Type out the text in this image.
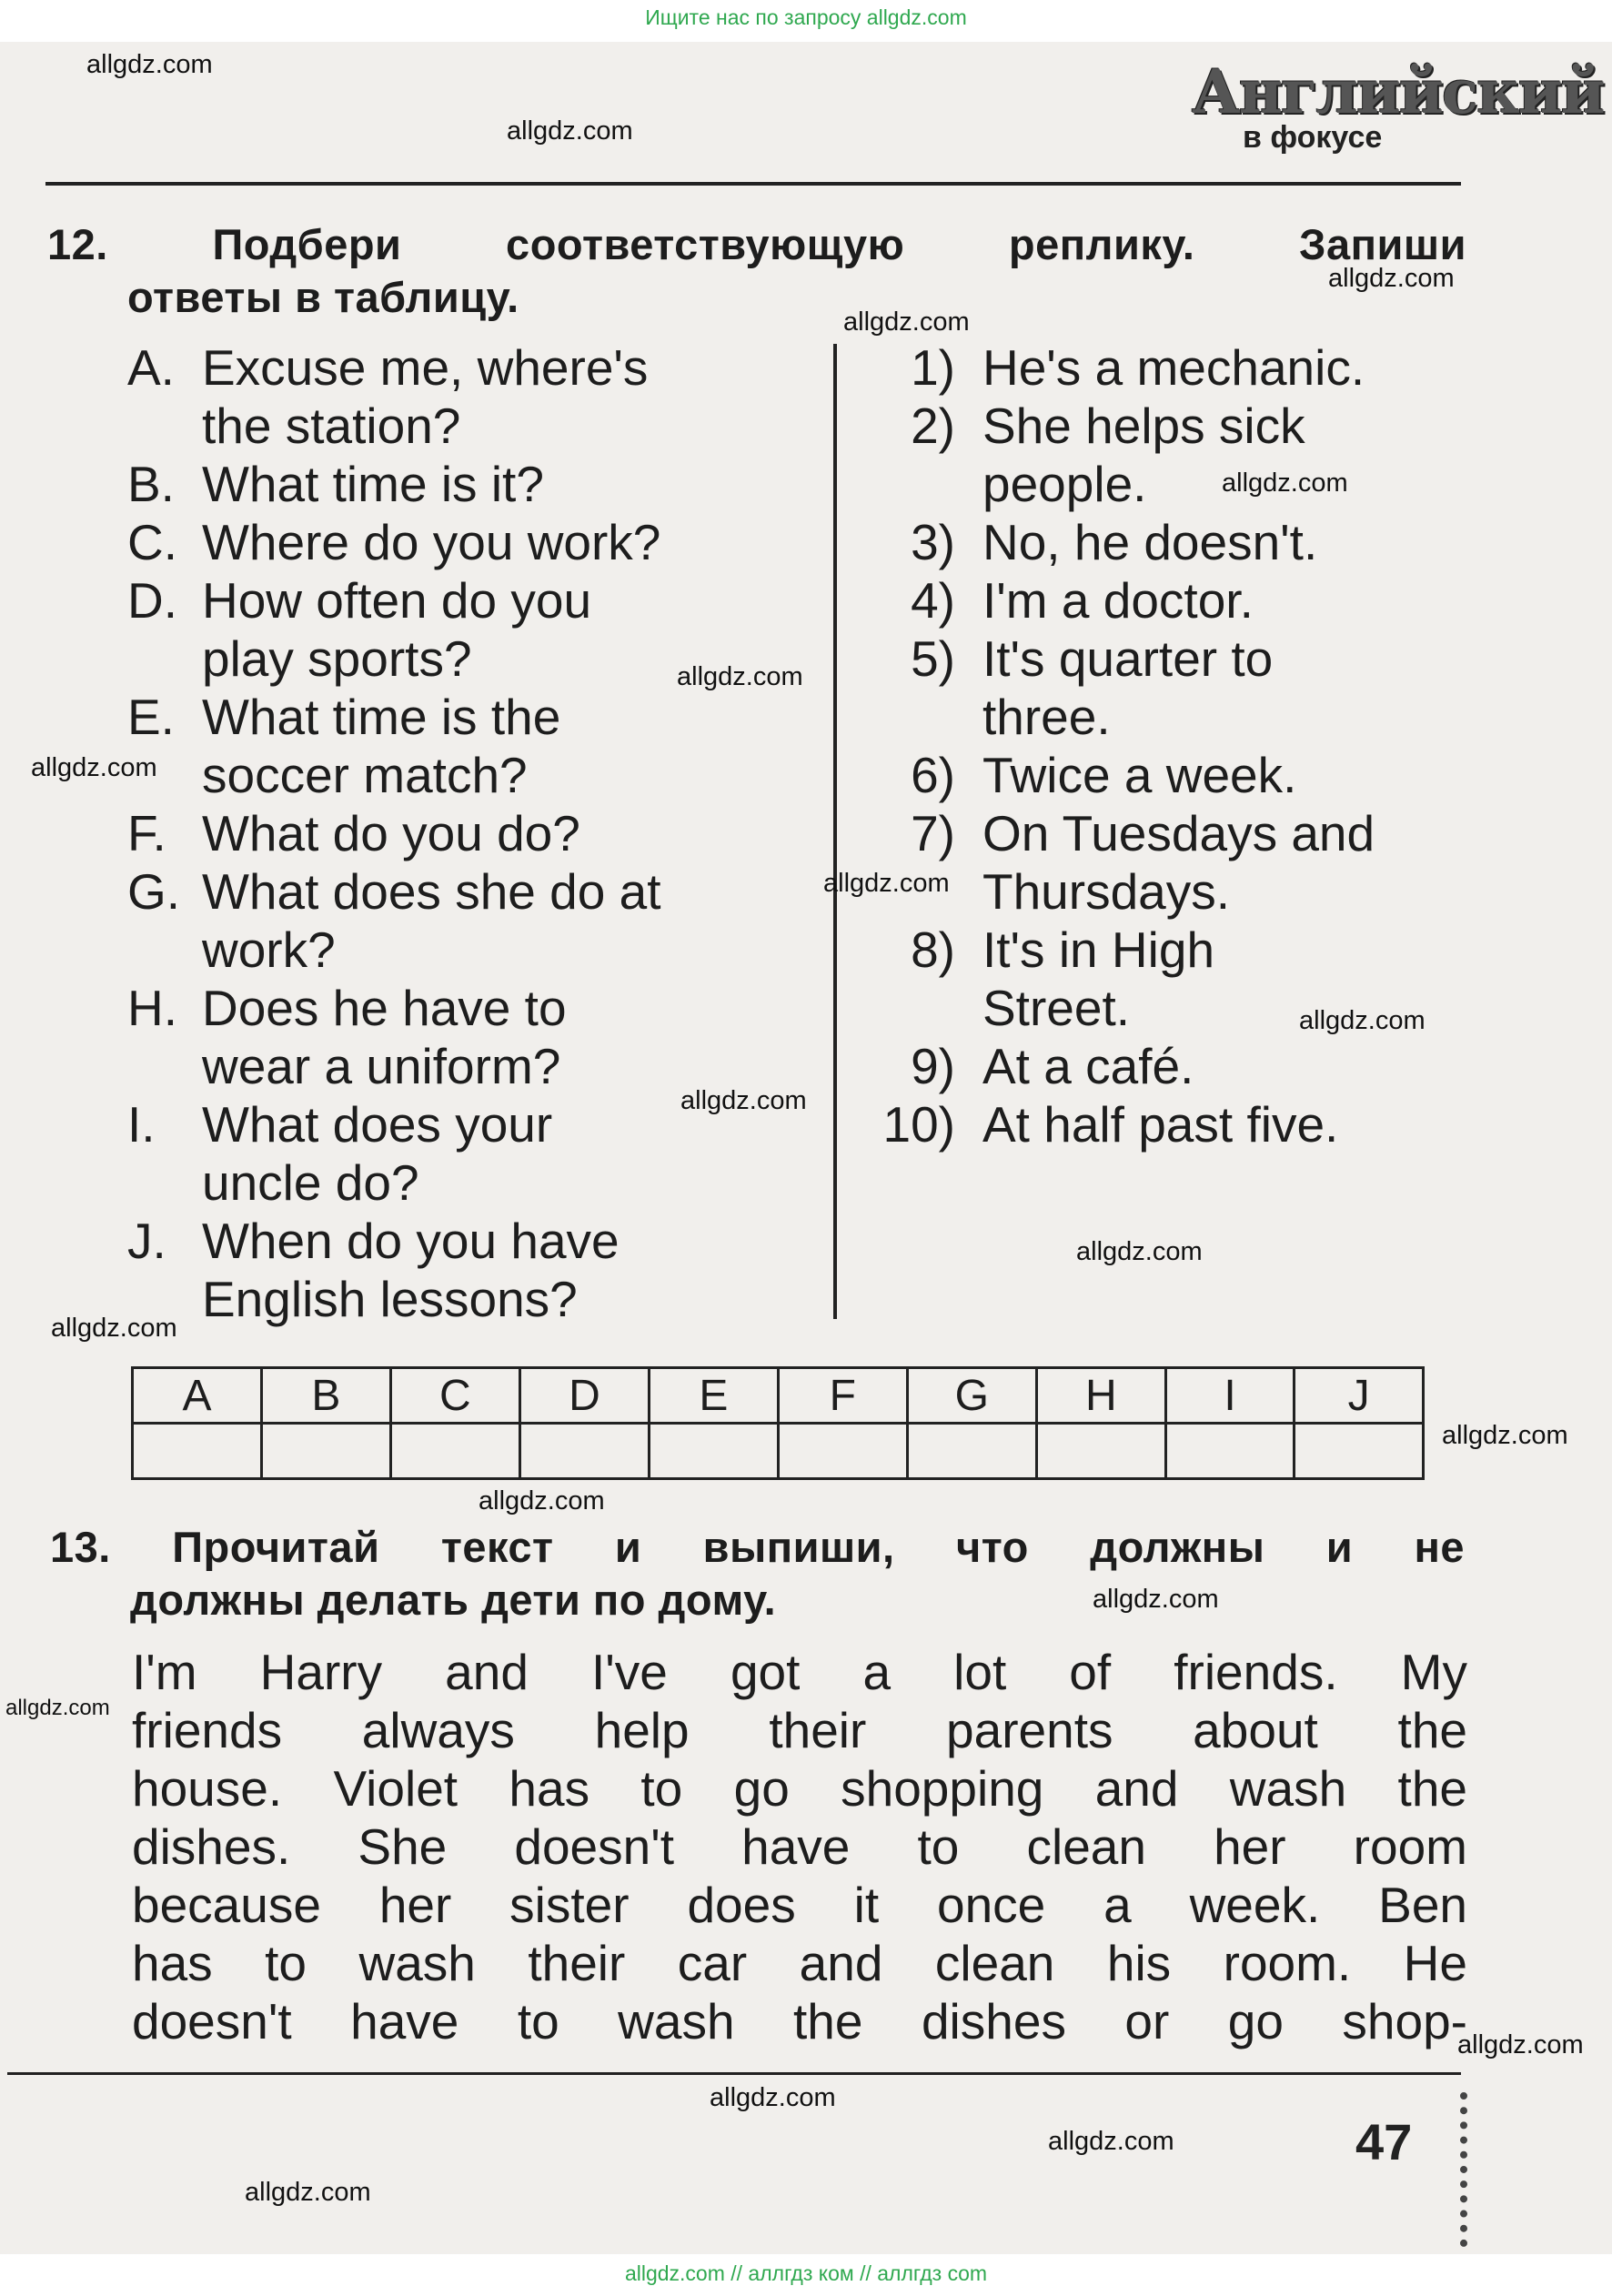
Ищите нас по запросу allgdz.com
Английский
в фокусе
12. Подбери соответствующую реплику. Запиши
ответы в таблицу.
A. Excuse me, where's
the station?
B. What time is it?
C. Where do you work?
D. How often do you
play sports?
E. What time is the
soccer match?
F. What do you do?
G. What does she do at
work?
H. Does he have to
wear a uniform?
I. What does your
uncle do?
J. When do you have
English lessons?
1) He's a mechanic.
2) She helps sick
people.
3) No, he doesn't.
4) I'm a doctor.
5) It's quarter to
three.
6) Twice a week.
7) On Tuesdays and
Thursdays.
8) It's in High
Street.
9) At a café.
10) At half past five.
A	B	C	D	E	F	G	H	I	J

13. Прочитай текст и выпиши, что должны и не
должны делать дети по дому.
I'm Harry and I've got a lot of friends. My
friends always help their parents about the
house. Violet has to go shopping and wash the
dishes. She doesn't have to clean her room
because her sister does it once a week. Ben
has to wash their car and clean his room. He
doesn't have to wash the dishes or go shop-
47
allgdz.com
allgdz.com
allgdz.com
allgdz.com
allgdz.com
allgdz.com
allgdz.com
allgdz.com
allgdz.com
allgdz.com
allgdz.com
allgdz.com
allgdz.com
allgdz.com
allgdz.com
allgdz.com
allgdz.com
allgdz.com
allgdz.com
allgdz.com
allgdz.com // аллгдз ком // аллгдз com
